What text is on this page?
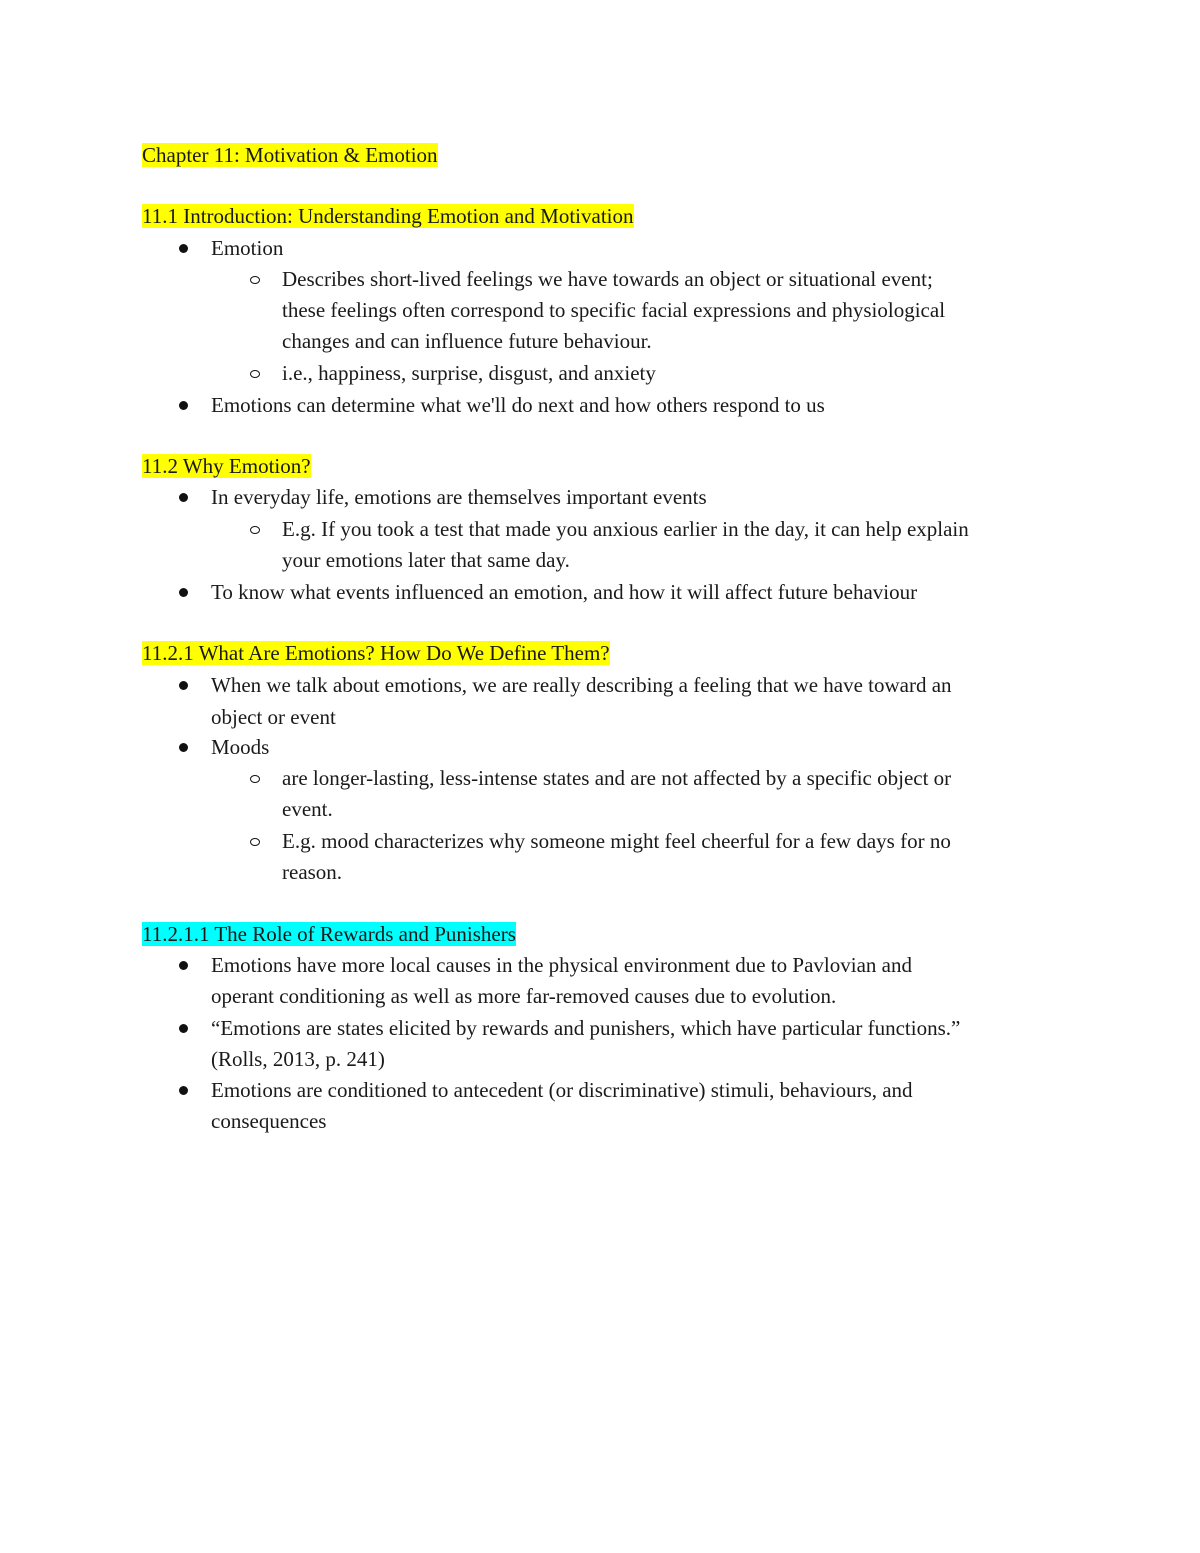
Chapter 11: Motivation & Emotion
11.1 Introduction: Understanding Emotion and Motivation
Emotion
Describes short-lived feelings we have towards an object or situational event;
these feelings often correspond to specific facial expressions and physiological
changes and can influence future behaviour.
i.e., happiness, surprise, disgust, and anxiety
Emotions can determine what we'll do next and how others respond to us
11.2 Why Emotion?
In everyday life, emotions are themselves important events
E.g. If you took a test that made you anxious earlier in the day, it can help explain
your emotions later that same day.
To know what events influenced an emotion, and how it will affect future behaviour
11.2.1 What Are Emotions? How Do We Define Them?
When we talk about emotions, we are really describing a feeling that we have toward an
object or event
Moods
are longer-lasting, less-intense states and are not affected by a specific object or
event.
E.g. mood characterizes why someone might feel cheerful for a few days for no
reason.
11.2.1.1 The Role of Rewards and Punishers
Emotions have more local causes in the physical environment due to Pavlovian and
operant conditioning as well as more far-removed causes due to evolution.
“Emotions are states elicited by rewards and punishers, which have particular functions.”
(Rolls, 2013, p. 241)
Emotions are conditioned to antecedent (or discriminative) stimuli, behaviours, and
consequences
